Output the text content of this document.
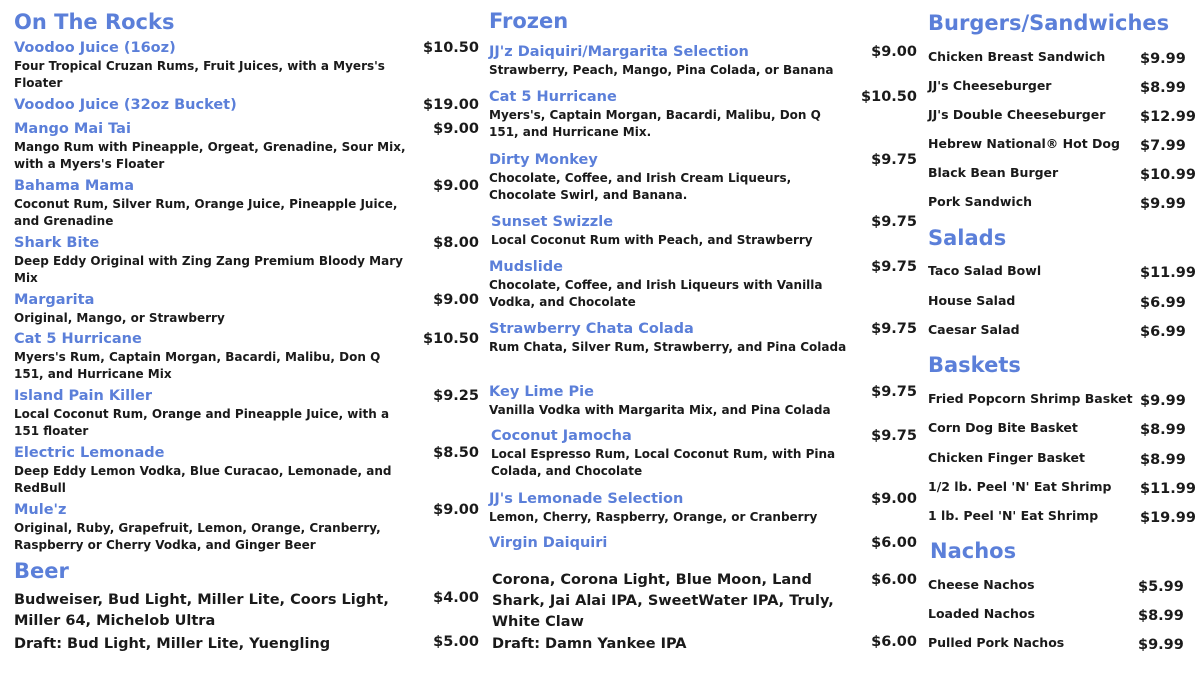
On The Rocks
Voodoo Juice (16oz)	$10.50
Four Tropical Cruzan Rums, Fruit Juices, with a Myers's Floater
Voodoo Juice (32oz Bucket)	$19.00
Mango Mai Tai	$9.00
Mango Rum with Pineapple, Orgeat, Grenadine, Sour Mix, with a Myers's Floater
Bahama Mama	$9.00
Coconut Rum, Silver Rum, Orange Juice, Pineapple Juice, and Grenadine
Shark Bite	$8.00
Deep Eddy Original with Zing Zang Premium Bloody Mary Mix
Margarita	$9.00
Original, Mango, or Strawberry
Cat 5 Hurricane	$10.50
Myers's Rum, Captain Morgan, Bacardi, Malibu, Don Q 151, and Hurricane Mix
Island Pain Killer	$9.25
Local Coconut Rum, Orange and Pineapple Juice, with a 151 floater
Electric Lemonade	$8.50
Deep Eddy Lemon Vodka, Blue Curacao, Lemonade, and RedBull
Mule'z	$9.00
Original, Ruby, Grapefruit, Lemon, Orange, Cranberry, Raspberry or Cherry Vodka, and Ginger Beer
Beer
Budweiser, Bud Light, Miller Lite, Coors Light, Miller 64, Michelob Ultra
$4.00
Draft: Bud Light, Miller Lite, Yuengling	$5.00
Frozen
JJ'z Daiquiri/Margarita Selection	$9.00
Strawberry, Peach, Mango, Pina Colada, or Banana
Cat 5 Hurricane	$10.50
Myers's, Captain Morgan, Bacardi, Malibu, Don Q 151, and Hurricane Mix.
Dirty Monkey	$9.75
Chocolate, Coffee, and Irish Cream Liqueurs, Chocolate Swirl, and Banana.
Sunset Swizzle	$9.75
Local Coconut Rum with Peach, and Strawberry
Mudslide	$9.75
Chocolate, Coffee, and Irish Liqueurs with Vanilla Vodka, and Chocolate
Strawberry Chata Colada	$9.75
Rum Chata, Silver Rum, Strawberry, and Pina Colada
Key Lime Pie	$9.75
Vanilla Vodka with Margarita Mix, and Pina Colada
Coconut Jamocha	$9.75
Local Espresso Rum, Local Coconut Rum, with Pina Colada, and Chocolate
JJ's Lemonade Selection	$9.00
Lemon, Cherry, Raspberry, Orange, or Cranberry
Virgin Daiquiri	$6.00
Corona, Corona Light, Blue Moon, Land Shark, Jai Alai IPA, SweetWater IPA, Truly, White Claw
$6.00
Draft: Damn Yankee IPA	$6.00
Burgers/Sandwiches
Chicken Breast Sandwich $9.99
JJ's Cheeseburger	$8.99
JJ's Double Cheeseburger $12.99
Hebrew National® Hot Dog $7.99
Black Bean Burger	$10.99
Pork Sandwich	$9.99
Salads
Taco Salad Bowl	$11.99
House Salad	$6.99
Caesar Salad	$6.99
Baskets
Fried Popcorn Shrimp Basket $9.99
Corn Dog Bite Basket	$8.99
Chicken Finger Basket	$8.99
1/2 lb. Peel 'N' Eat Shrimp $11.99
1 lb. Peel 'N' Eat Shrimp	$19.99
Nachos
Cheese Nachos	$5.99
Loaded Nachos	$8.99
Pulled Pork Nachos	$9.99
